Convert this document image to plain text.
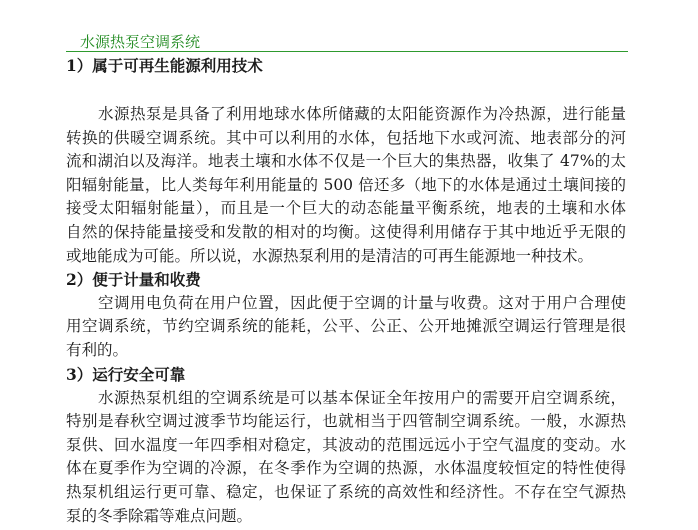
水源热泵空调系统
1）属于可再生能源利用技术
水源热泵是具备了利用地球水体所储藏的太阳能资源作为冷热源，进行能量
转换的供暖空调系统。其中可以利用的水体，包括地下水或河流、地表部分的河
流和湖泊以及海洋。地表土壤和水体不仅是一个巨大的集热器，收集了 47%的太
阳辐射能量，比人类每年利用能量的 500 倍还多（地下的水体是通过土壤间接的
接受太阳辐射能量），而且是一个巨大的动态能量平衡系统，地表的土壤和水体
自然的保持能量接受和发散的相对的均衡。这使得利用储存于其中地近乎无限的
或地能成为可能。所以说，水源热泵利用的是清洁的可再生能源地一种技术。
2）便于计量和收费
空调用电负荷在用户位置，因此便于空调的计量与收费。这对于用户合理使
用空调系统，节约空调系统的能耗，公平、公正、公开地摊派空调运行管理是很
有利的。
3）运行安全可靠
水源热泵机组的空调系统是可以基本保证全年按用户的需要开启空调系统，
特别是春秋空调过渡季节均能运行，也就相当于四管制空调系统。一般，水源热
泵供、回水温度一年四季相对稳定，其波动的范围远远小于空气温度的变动。水
体在夏季作为空调的冷源，在冬季作为空调的热源，水体温度较恒定的特性使得
热泵机组运行更可靠、稳定，也保证了系统的高效性和经济性。不存在空气源热
泵的冬季除霜等难点问题。
